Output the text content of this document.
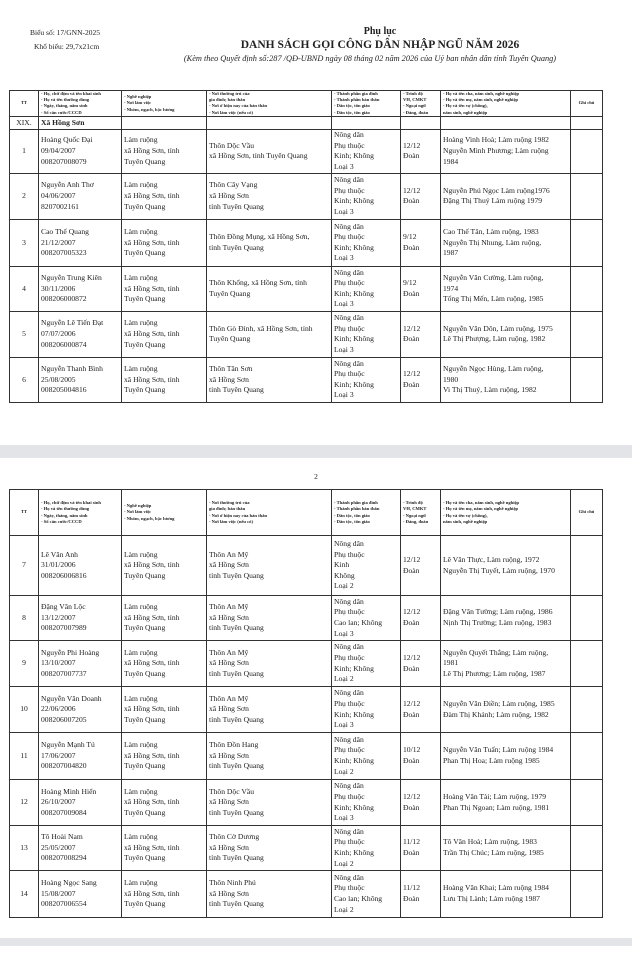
Biểu số: 17/GNN-2025
Khổ biểu: 29,7x21cm
Phụ lục
DANH SÁCH GỌI CÔNG DÂN NHẬP NGŨ NĂM 2026
(Kèm theo Quyết định số:287 /QĐ-UBND ngày 08 tháng 02 năm 2026 của Uỷ ban nhân dân tỉnh Tuyên Quang)
TT	- Họ, chữ đệm và tên khai sinh
- Họ và tên thường dùng
- Ngày, tháng, năm sinh
- Số căn cước/CCCD	- Nghề nghiệp
- Nơi làm việc
- Nhóm, ngạch, bậc lương	- Nơi thường trú của
gia đình; bản thân
- Nơi ở hiện nay của bản thân
- Nơi làm việc (nếu có)	- Thành phần gia đình
- Thành phần bản thân
- Dân tộc, tôn giáo
- Dân tộc, tôn giáo	- Trình độ
VH, CMKT
- Ngoại ngữ
- Đảng, đoàn	- Họ và tên cha, năm sinh, nghề nghiệp
- Họ và tên mẹ, năm sinh, nghề nghiệp
- Họ và tên vợ (chồng),
năm sinh, nghề nghiệp	Ghi chú
XIX.	Xã Hồng Sơn						
1	Hoàng Quốc Đại
09/04/2007
008207008079	Làm ruộng
xã Hồng Sơn, tỉnh
Tuyên Quang	Thôn Dộc Vầu
xã Hồng Sơn, tỉnh Tuyên Quang	Nông dân
Phụ thuộc
Kinh; Không
Loại 3	12/12
Đoàn	Hoàng Vinh Hoà; Làm ruộng 1982
Nguyễn Minh Phương; Làm ruộng
1984	
2	Nguyễn Anh Thơ
04/06/2007
8207002161	Làm ruộng
xã Hồng Sơn, tỉnh
Tuyên Quang	Thôn Cây Vạng
xã Hồng Sơn
tỉnh Tuyên Quang	Nông dân
Phụ thuộc
Kinh; Không
Loại 3	12/12
Đoàn	Nguyễn Phú Ngọc Làm ruộng1976
Đặng Thị Thuý Làm ruộng 1979	
3	Cao Thế Quang
21/12/2007
008207005323	Làm ruộng
xã Hồng Sơn, tỉnh
Tuyên Quang	Thôn Đồng Mụng, xã Hồng Sơn,
tỉnh Tuyên Quang	Nông dân
Phụ thuộc
Kinh; Không
Loại 3	9/12
Đoàn	Cao Thế Tân, Làm ruộng, 1983
Nguyễn Thị Nhung, Làm ruộng,
1987	
4	Nguyễn Trung Kiên
30/11/2006
008206000872	Làm ruộng
xã Hồng Sơn, tỉnh
Tuyên Quang	Thôn Khổng, xã Hồng Sơn, tỉnh
Tuyên Quang	Nông dân
Phụ thuộc
Kinh; Không
Loại 3	9/12
Đoàn	Nguyễn Văn Cường, Làm ruộng,
1974
Tống Thị Mến, Làm ruộng, 1985	
5	Nguyễn Lê Tiến Đạt
07/07/2006
008206000874	Làm ruộng
xã Hồng Sơn, tỉnh
Tuyên Quang	Thôn Gò Đình, xã Hồng Sơn, tỉnh
Tuyên Quang	Nông dân
Phụ thuộc
Kinh; Không
Loại 3	12/12
Đoàn	Nguyễn Văn Dôn, Làm ruộng, 1975
Lê Thị Phượng, Làm ruộng, 1982	
6	Nguyễn Thanh Bình
25/08/2005
008205004816	Làm ruộng
xã Hồng Sơn, tỉnh
Tuyên Quang	Thôn Tân Sơn
xã Hồng Sơn
tỉnh Tuyên Quang	Nông dân
Phụ thuộc
Kinh; Không
Loại 3	12/12
Đoàn	Nguyễn Ngọc Hùng, Làm ruộng,
1980
Vi Thị Thuý, Làm ruộng, 1982	
2
TT	- Họ, chữ đệm và tên khai sinh
- Họ và tên thường dùng
- Ngày, tháng, năm sinh
- Số căn cước/CCCD	- Nghề nghiệp
- Nơi làm việc
- Nhóm, ngạch, bậc lương	- Nơi thường trú của
gia đình; bản thân
- Nơi ở hiện nay của bản thân
- Nơi làm việc (nếu có)	- Thành phần gia đình
- Thành phần bản thân
- Dân tộc, tôn giáo
- Dân tộc, tôn giáo	- Trình độ
VH, CMKT
- Ngoại ngữ
- Đảng, đoàn	- Họ và tên cha, năm sinh, nghề nghiệp
- Họ và tên mẹ, năm sinh, nghề nghiệp
- Họ và tên vợ (chồng),
năm sinh, nghề nghiệp	Ghi chú
7	Lê Văn Anh
31/01/2006
008206006816	Làm ruộng
xã Hồng Sơn, tỉnh
Tuyên Quang	Thôn An Mỹ
xã Hồng Sơn
tỉnh Tuyên Quang	Nông dân
Phụ thuộc
Kinh
Không
Loại 2	12/12
Đoàn	Lê Văn Thực, Làm ruộng, 1972
Nguyễn Thị Tuyết, Làm ruộng, 1970	
8	Đặng Văn Lộc
13/12/2007
008207007989	Làm ruộng
xã Hồng Sơn, tỉnh
Tuyên Quang	Thôn An Mỹ
xã Hồng Sơn
tỉnh Tuyên Quang	Nông dân
Phụ thuộc
Cao lan; Không
Loại 3	12/12
Đoàn	Đặng Văn Tường; Làm ruộng, 1986
Nịnh Thị Trường; Làm ruộng, 1983	
9	Nguyễn Phi Hoàng
13/10/2007
008207007737	Làm ruộng
xã Hồng Sơn, tỉnh
Tuyên Quang	Thôn An Mỹ
xã Hồng Sơn
tỉnh Tuyên Quang	Nông dân
Phụ thuộc
Kinh; Không
Loại 2	12/12
Đoàn	Nguyễn Quyết Thắng; Làm ruộng,
1981
Lê Thị Phương; Làm ruộng, 1987	
10	Nguyễn Văn Doanh
22/06/2006
008206007205	Làm ruộng
xã Hồng Sơn, tỉnh
Tuyên Quang	Thôn An Mỹ
xã Hồng Sơn
tỉnh Tuyên Quang	Nông dân
Phụ thuộc
Kinh; Không
Loại 3	12/12
Đoàn	Nguyễn Văn Điền; Làm ruộng, 1985
Đàm Thị Khánh; Làm ruộng, 1982	
11	Nguyễn Mạnh Tú
17/06/2007
008207004820	Làm ruộng
xã Hồng Sơn, tỉnh
Tuyên Quang	Thôn Đồn Hang
xã Hồng Sơn
tỉnh Tuyên Quang	Nông dân
Phụ thuộc
Kinh; Không
Loại 2	10/12
Đoàn	Nguyễn Văn Tuấn; Làm ruộng 1984
Phan Thị Hoa; Làm ruộng 1985	
12	Hoàng Minh Hiển
26/10/2007
008207009084	Làm ruộng
xã Hồng Sơn, tỉnh
Tuyên Quang	Thôn Dộc Vầu
xã Hồng Sơn
tỉnh Tuyên Quang	Nông dân
Phụ thuộc
Kinh; Không
Loại 3	12/12
Đoàn	Hoàng Văn Tài; Làm ruộng, 1979
Phan Thị Ngoan; Làm ruộng, 1981	
13	Tô Hoài Nam
25/05/2007
008207008294	Làm ruộng
xã Hồng Sơn, tỉnh
Tuyên Quang	Thôn Cờ Dương
xã Hồng Sơn
tỉnh Tuyên Quang	Nông dân
Phụ thuộc
Kinh; Không
Loại 2	11/12
Đoàn	Tô Văn Hoà; Làm ruộng, 1983
Trần Thị Chúc; Làm ruộng, 1985	
14	Hoàng Ngọc Sang
15/08/2007
008207006554	Làm ruộng
xã Hồng Sơn, tỉnh
Tuyên Quang	Thôn Ninh Phú
xã Hồng Sơn
tỉnh Tuyên Quang	Nông dân
Phụ thuộc
Cao lan; Không
Loại 2	11/12
Đoàn	Hoàng Văn Khai; Làm ruộng 1984
Lưu Thị Lành; Làm ruộng 1987	
